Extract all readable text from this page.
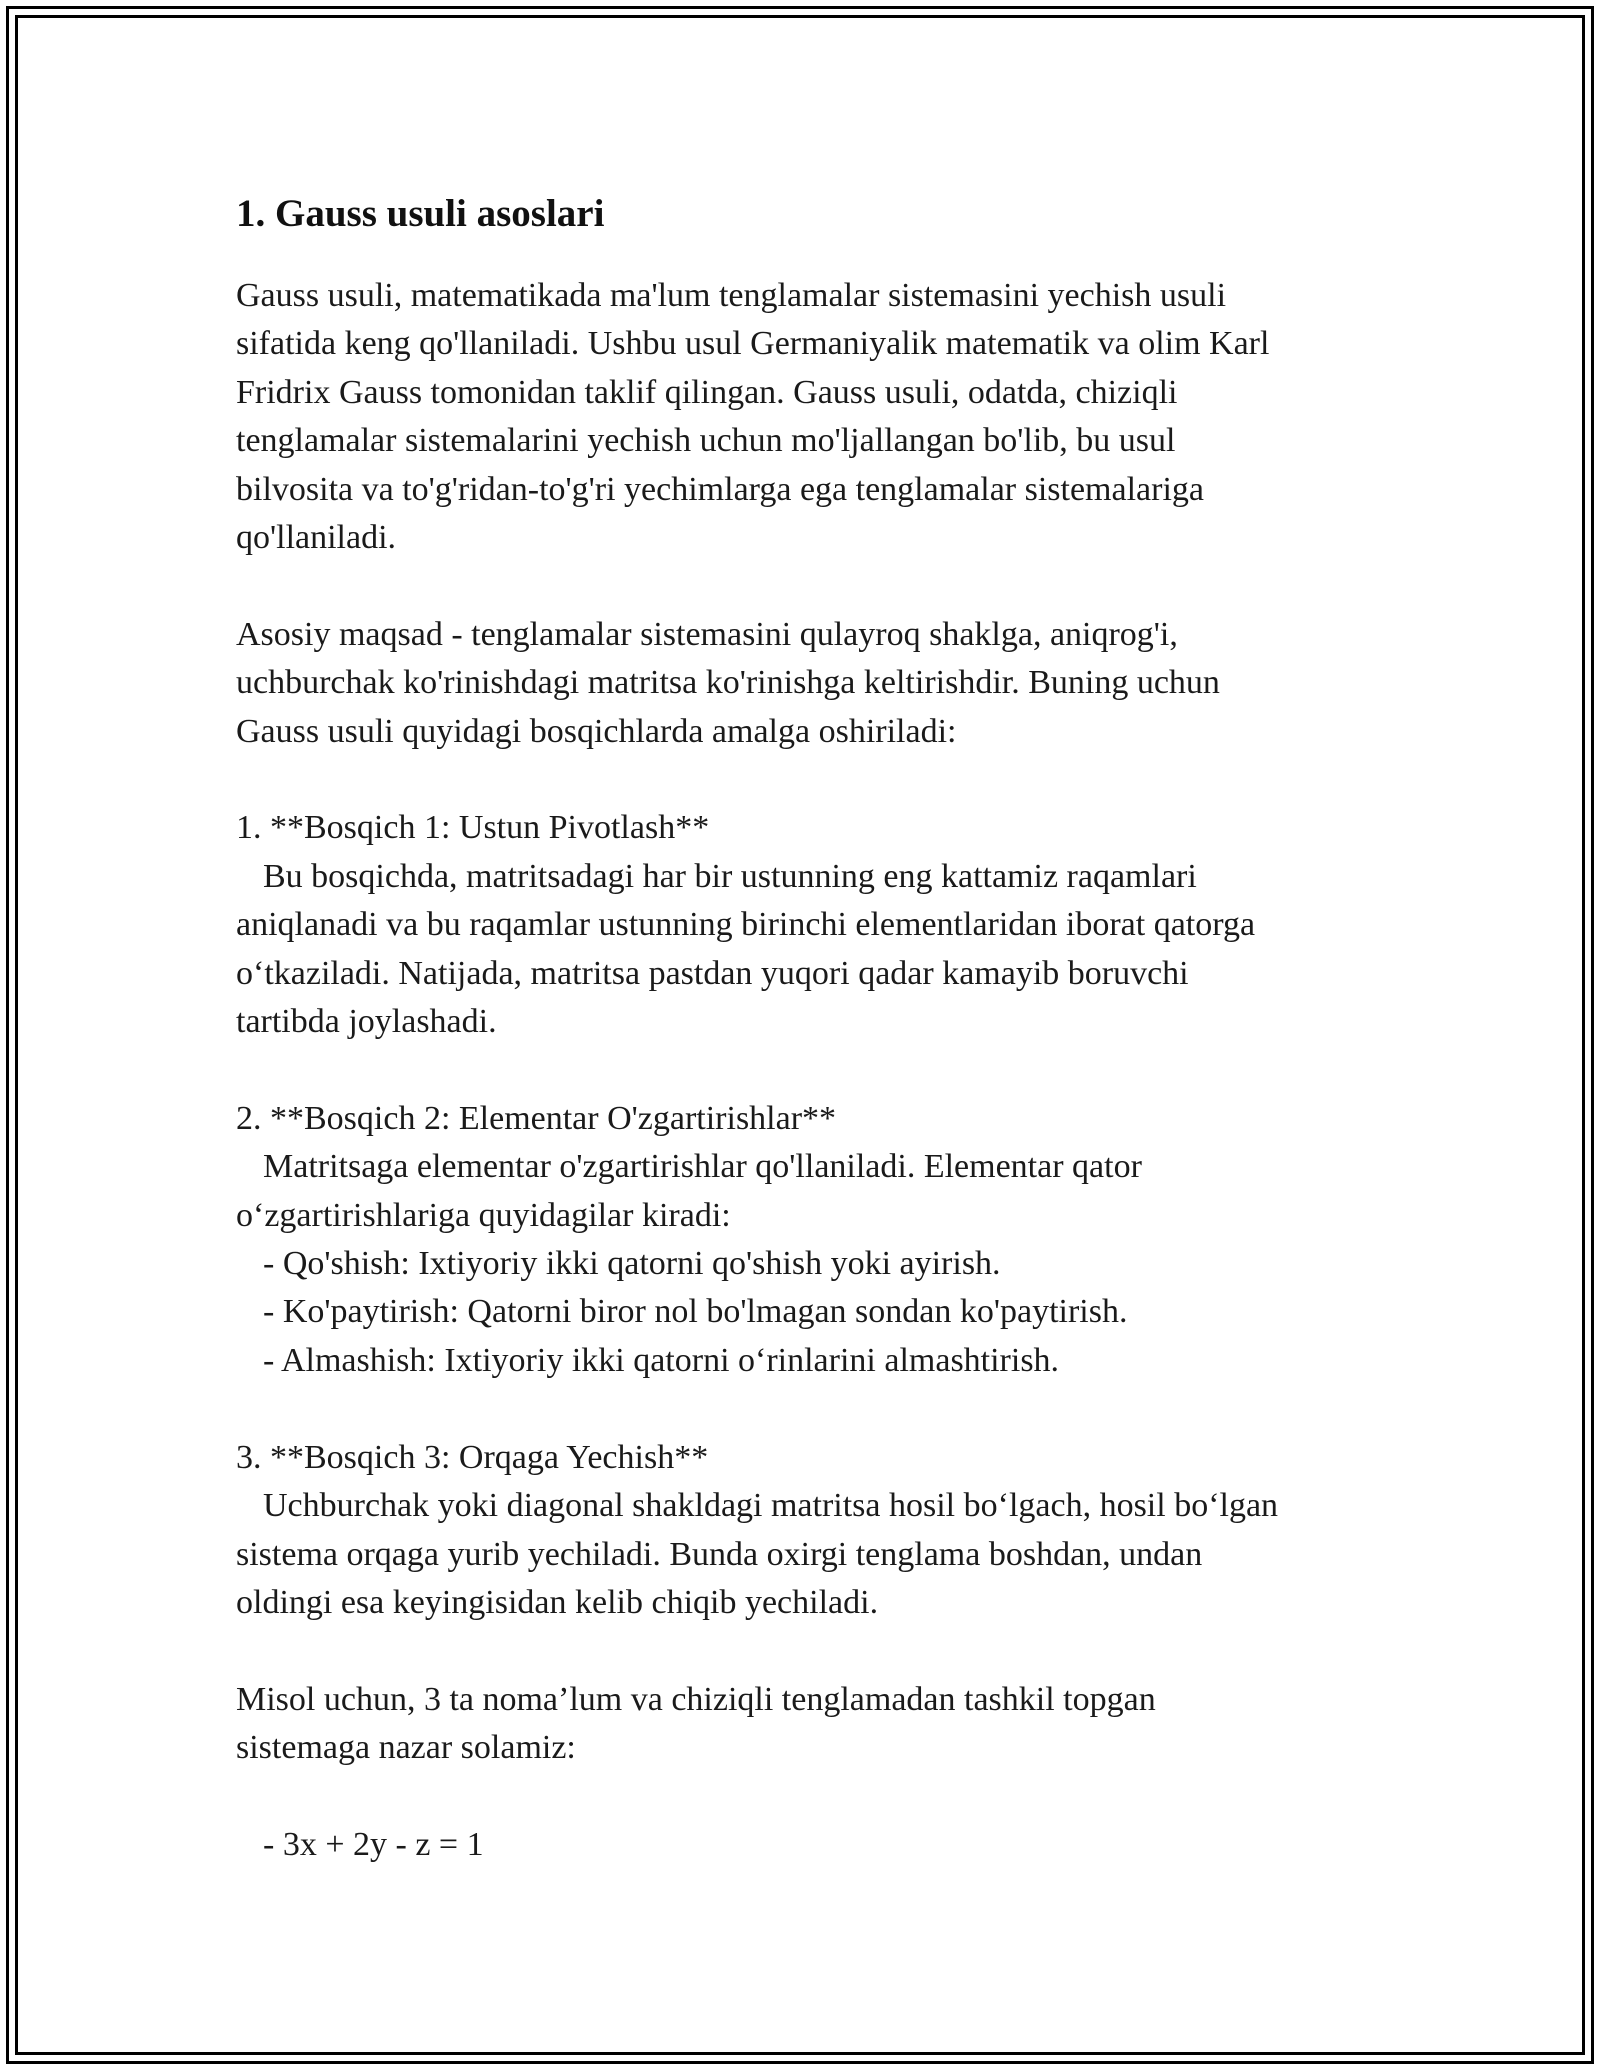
1. Gauss usuli asoslari
Gauss usuli, matematikada ma'lum tenglamalar sistemasini yechish usuli
sifatida keng qo'llaniladi. Ushbu usul Germaniyalik matematik va olim Karl
Fridrix Gauss tomonidan taklif qilingan. Gauss usuli, odatda, chiziqli
tenglamalar sistemalarini yechish uchun mo'ljallangan bo'lib, bu usul
bilvosita va to'g'ridan-to'g'ri yechimlarga ega tenglamalar sistemalariga
qo'llaniladi.
Asosiy maqsad - tenglamalar sistemasini qulayroq shaklga, aniqrog'i,
uchburchak ko'rinishdagi matritsa ko'rinishga keltirishdir. Buning uchun
Gauss usuli quyidagi bosqichlarda amalga oshiriladi:
1. **Bosqich 1: Ustun Pivotlash**
Bu bosqichda, matritsadagi har bir ustunning eng kattamiz raqamlari
aniqlanadi va bu raqamlar ustunning birinchi elementlaridan iborat qatorga
o‘tkaziladi. Natijada, matritsa pastdan yuqori qadar kamayib boruvchi
tartibda joylashadi.
2. **Bosqich 2: Elementar O'zgartirishlar**
Matritsaga elementar o'zgartirishlar qo'llaniladi. Elementar qator
o‘zgartirishlariga quyidagilar kiradi:
- Qo'shish: Ixtiyoriy ikki qatorni qo'shish yoki ayirish.
- Ko'paytirish: Qatorni biror nol bo'lmagan sondan ko'paytirish.
- Almashish: Ixtiyoriy ikki qatorni o‘rinlarini almashtirish.
3. **Bosqich 3: Orqaga Yechish**
Uchburchak yoki diagonal shakldagi matritsa hosil bo‘lgach, hosil bo‘lgan
sistema orqaga yurib yechiladi. Bunda oxirgi tenglama boshdan, undan
oldingi esa keyingisidan kelib chiqib yechiladi.
Misol uchun, 3 ta noma’lum va chiziqli tenglamadan tashkil topgan
sistemaga nazar solamiz:
- 3x + 2y - z = 1
